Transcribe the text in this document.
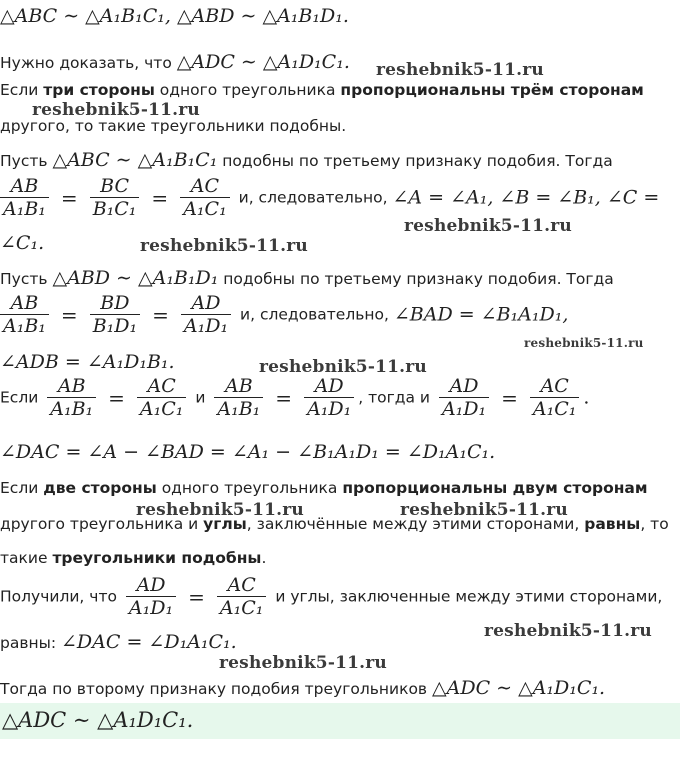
△ABC ∼ △A₁B₁C₁, △ABD ∼ △A₁B₁D₁.
Нужно доказать, что △ADC ∼ △A₁D₁C₁.
Если три стороны одного треугольника пропорциональны трём сторонам
другого, то такие треугольники подобны.
Пусть △ABC ∼ △A₁B₁C₁ подобны по третьему признаку подобия. Тогда
$\frac{AB}{\text{A₁B₁}} = \frac{BC}{\text{B₁C₁}} = \frac{AC}{\text{A₁C₁}} и$, следовательно, ∠A = ∠A₁, ∠B = ∠B₁, ∠C =
∠C₁.
Пусть △ABD ∼ △A₁B₁D₁ подобны по третьему признаку подобия. Тогда
$\frac{AB}{\text{A₁B₁}} = \frac{BD}{\text{B₁D₁}} = \frac{AD}{\text{A₁D₁}} и$, следовательно, ∠BAD = ∠B₁A₁D₁,
∠ADB = ∠A₁D₁B₁.
Если $\frac{AB}{\text{A₁B₁}} = \frac{AC}{\text{A₁C₁}}$ и $\frac{AB}{\text{A₁B₁}} = \frac{AD}{\text{A₁D₁}}$ , тогда и $\frac{AD}{\text{A₁D₁}} = \frac{AC}{\text{A₁C₁}}$ .
∠DAC = ∠A − ∠BAD = ∠A₁ − ∠B₁A₁D₁ = ∠D₁A₁C₁.
Если две стороны одного треугольника пропорциональны двум сторонам
другого треугольника и углы, заключённые между этими сторонами, равны, то
такие треугольники подобны.
Получили, что $\frac{AD}{\text{A₁D₁}} = \frac{AC}{\text{A₁C₁}}$ и углы, заключенные между этими сторонами,
равны: ∠DAC = ∠D₁A₁C₁.
Тогда по второму признаку подобия треугольников △ADC ∼ △A₁D₁C₁.
△ADC ∼ △A₁D₁C₁.
reshebnik5-11.ru
reshebnik5-11.ru
reshebnik5-11.ru
reshebnik5-11.ru
reshebnik5-11.ru
reshebnik5-11.ru
reshebnik5-11.ru	reshebnik5-11.ru
reshebnik5-11.ru
reshebnik5-11.ru
